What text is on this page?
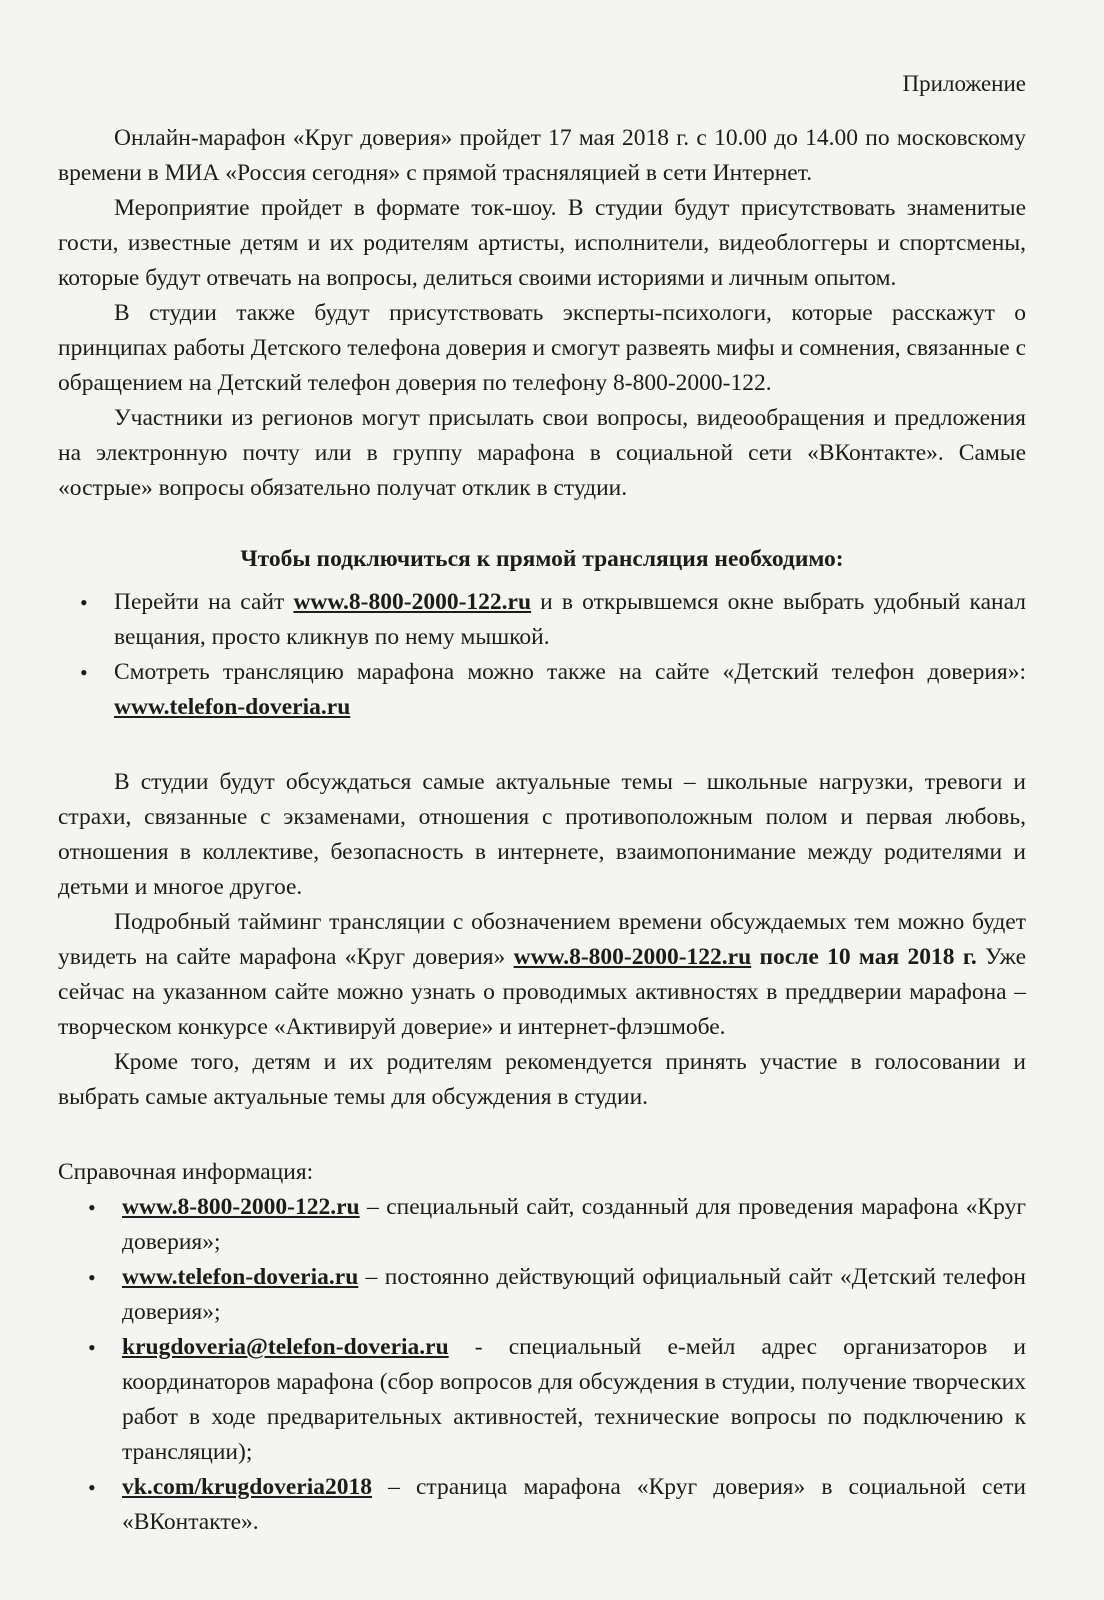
Приложение

Онлайн-марафон «Круг доверия» пройдет 17 мая 2018 г. с 10.00 до 14.00 по московскому времени в МИА «Россия сегодня» с прямой трасняляцией в сети Интернет.

Мероприятие пройдет в формате ток-шоу. В студии будут присутствовать знаменитые гости, известные детям и их родителям артисты, исполнители, видеоблоггеры и спортсмены, которые будут отвечать на вопросы, делиться своими историями и личным опытом.

В студии также будут присутствовать эксперты-психологи, которые расскажут о принципах работы Детского телефона доверия и смогут развеять мифы и сомнения, связанные с обращением на Детский телефон доверия по телефону 8-800-2000-122.

Участники из регионов могут присылать свои вопросы, видеообращения и предложения на электронную почту или в группу марафона в социальной сети «ВКонтакте». Самые «острые» вопросы обязательно получат отклик в студии.

Чтобы подключиться к прямой трансляция необходимо:

• Перейти на сайт www.8-800-2000-122.ru и в открывшемся окне выбрать удобный канал вещания, просто кликнув по нему мышкой.
• Смотреть трансляцию марафона можно также на сайте «Детский телефон доверия»: www.telefon-doveria.ru

В студии будут обсуждаться самые актуальные темы – школьные нагрузки, тревоги и страхи, связанные с экзаменами, отношения с противоположным полом и первая любовь, отношения в коллективе, безопасность в интернете, взаимопонимание между родителями и детьми и многое другое.

Подробный тайминг трансляции с обозначением времени обсуждаемых тем можно будет увидеть на сайте марафона «Круг доверия» www.8-800-2000-122.ru после 10 мая 2018 г. Уже сейчас на указанном сайте можно узнать о проводимых активностях в преддверии марафона – творческом конкурсе «Активируй доверие» и интернет-флэшмобе.

Кроме того, детям и их родителям рекомендуется принять участие в голосовании и выбрать самые актуальные темы для обсуждения в студии.

Справочная информация:

• www.8-800-2000-122.ru – специальный сайт, созданный для проведения марафона «Круг доверия»;
• www.telefon-doveria.ru – постоянно действующий официальный сайт «Детский телефон доверия»;
• krugdoveria@telefon-doveria.ru - специальный е-мейл адрес организаторов и координаторов марафона (сбор вопросов для обсуждения в студии, получение творческих работ в ходе предварительных активностей, технические вопросы по подключению к трансляции);
• vk.com/krugdoveria2018 – страница марафона «Круг доверия» в социальной сети «ВКонтакте».
